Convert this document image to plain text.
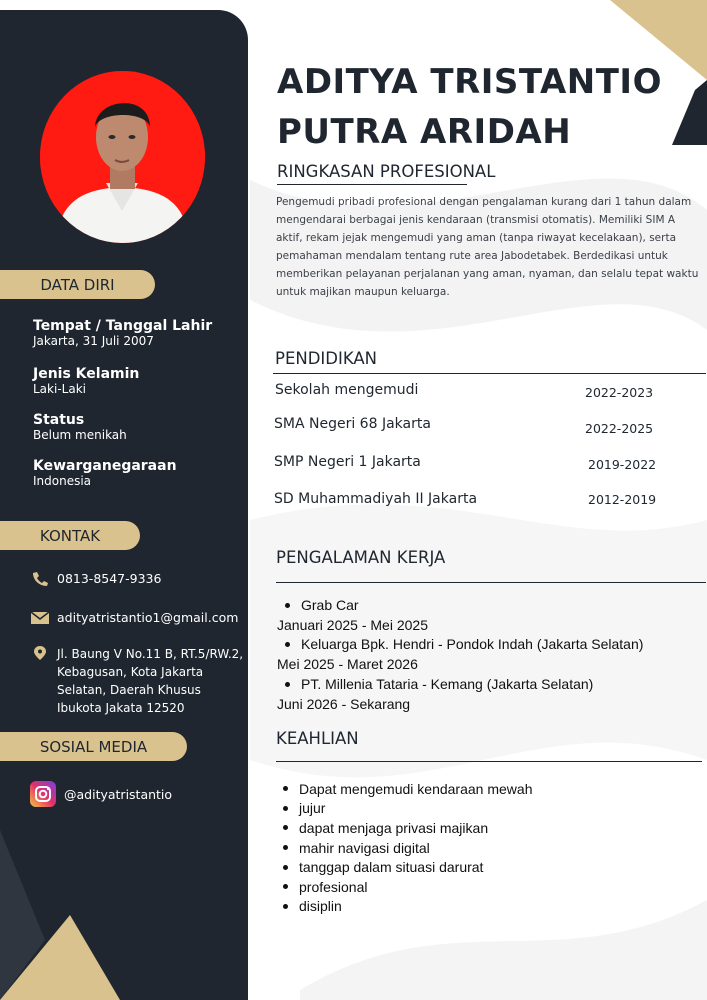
DATA DIRI
Tempat / Tanggal Lahir
Jakarta, 31 Juli 2007
Jenis Kelamin
Laki-Laki
Status
Belum menikah
Kewarganegaraan
Indonesia
KONTAK
0813-8547-9336
adityatristantio1@gmail.com
Jl. Baung V No.11 B, RT.5/RW.2,
Kebagusan, Kota Jakarta
Selatan, Daerah Khusus
Ibukota Jakata 12520
SOSIAL MEDIA
@adityatristantio
ADITYA TRISTANTIO
PUTRA ARIDAH
RINGKASAN PROFESIONAL
Pengemudi pribadi profesional dengan pengalaman kurang dari 1 tahun dalam mengendarai berbagai jenis kendaraan (transmisi otomatis). Memiliki SIM A aktif, rekam jejak mengemudi yang aman (tanpa riwayat kecelakaan), serta pemahaman mendalam tentang rute area Jabodetabek. Berdedikasi untuk memberikan pelayanan perjalanan yang aman, nyaman, dan selalu tepat waktu untuk majikan maupun keluarga.
PENDIDIKAN
Sekolah mengemudi	2022-2023
SMA Negeri 68 Jakarta	2022-2025
SMP Negeri 1 Jakarta	2019-2022
SD Muhammadiyah II Jakarta	2012-2019
PENGALAMAN KERJA
Grab Car
Januari 2025 - Mei 2025
Keluarga Bpk. Hendri - Pondok Indah (Jakarta Selatan)
Mei 2025 - Maret 2026
PT. Millenia Tataria - Kemang (Jakarta Selatan)
Juni 2026 - Sekarang
KEAHLIAN
Dapat mengemudi kendaraan mewah
jujur
dapat menjaga privasi majikan
mahir navigasi digital
tanggap dalam situasi darurat
profesional
disiplin
